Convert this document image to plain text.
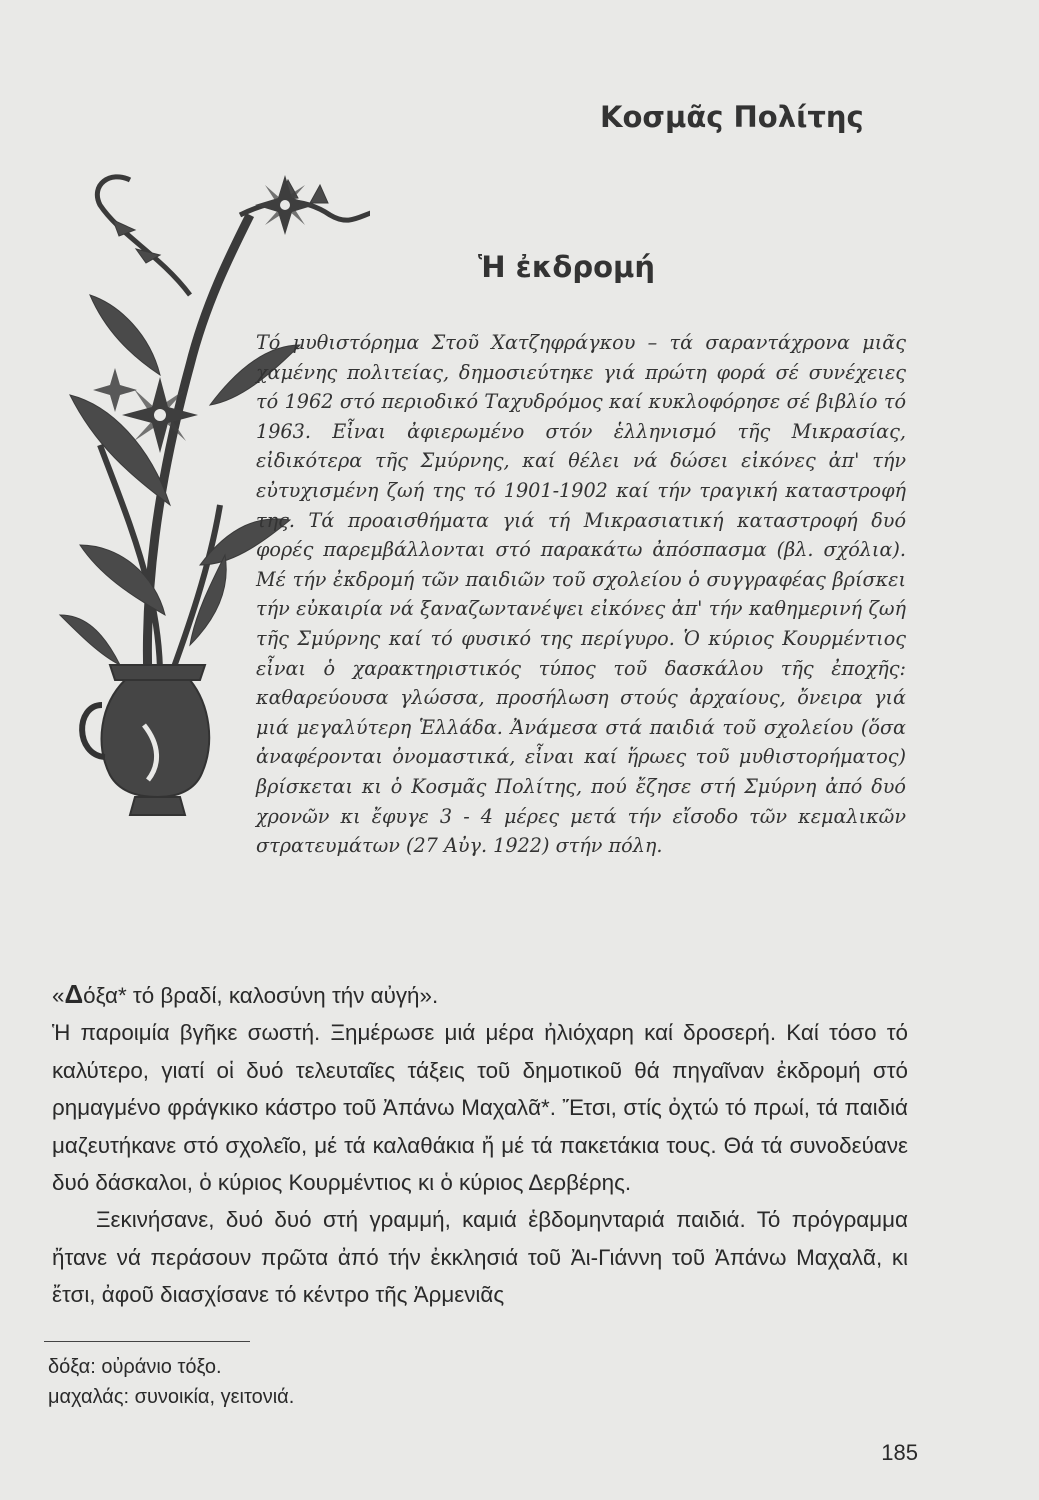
Κοσμᾶς Πολίτης
Ἡ ἐκδρομή

Τό μυθιστόρημα Στοῦ Χατζηφράγκου – τά σαραντάχρονα μιᾶς χαμένης πολιτείας, δημοσιεύτηκε γιά πρώτη φορά σέ συνέχειες τό 1962 στό περιοδικό Ταχυδρόμος καί κυκλοφόρησε σέ βιβλίο τό 1963. Εἶναι ἀφιερωμένο στόν ἑλληνισμό τῆς Μικρασίας, εἰδικότερα τῆς Σμύρνης, καί θέλει νά δώσει εἰκόνες ἀπ' τήν εὐτυχισμένη ζωή της τό 1901-1902 καί τήν τραγική καταστροφή της. Τά προαισθήματα γιά τή Μικρασιατική καταστροφή δυό φορές παρεμβάλλονται στό παρακάτω ἀπόσπασμα (βλ. σχόλια). Μέ τήν ἐκδρομή τῶν παιδιῶν τοῦ σχολείου ὁ συγγραφέας βρίσκει τήν εὐκαιρία νά ξαναζωντανέψει εἰκόνες ἀπ' τήν καθημερινή ζωή τῆς Σμύρνης καί τό φυσικό της περίγυρο. Ὁ κύριος Κουρμέντιος εἶναι ὁ χαρακτηριστικός τύπος τοῦ δασκάλου τῆς ἐποχῆς: καθαρεύουσα γλώσσα, προσήλωση στούς ἀρχαίους, ὄνειρα γιά μιά μεγαλύτερη Ἑλλάδα. Ἀνάμεσα στά παιδιά τοῦ σχολείου (ὅσα ἀναφέρονται ὀνομαστικά, εἶναι καί ἥρωες τοῦ μυθιστορήματος) βρίσκεται κι ὁ Κοσμᾶς Πολίτης, πού ἔζησε στή Σμύρνη ἀπό δυό χρονῶν κι ἔφυγε 3 - 4 μέρες μετά τήν εἴσοδο τῶν κεμαλικῶν στρατευμάτων (27 Αὐγ. 1922) στήν πόλη.

«Δόξα* τό βραδί, καλοσύνη τήν αὐγή».

Ἡ παροιμία βγῆκε σωστή. Ξημέρωσε μιά μέρα ἠλιόχαρη καί δροσερή. Καί τόσο τό καλύτερο, γιατί οἱ δυό τελευταῖες τάξεις τοῦ δημοτικοῦ θά πηγαῖναν ἐκδρομή στό ρημαγμένο φράγκικο κάστρο τοῦ Ἀπάνω Μαχαλᾶ*. Ἔτσι, στίς ὀχτώ τό πρωί, τά παιδιά μαζευτήκανε στό σχολεῖο, μέ τά καλαθάκια ἤ μέ τά πακετάκια τους. Θά τά συνοδεύανε δυό δάσκαλοι, ὁ κύριος Κουρμέντιος κι ὁ κύριος Δερβέρης.

Ξεκινήσανε, δυό δυό στή γραμμή, καμιά ἑβδομηνταριά παιδιά. Τό πρόγραμμα ἤτανε νά περάσουν πρῶτα ἀπό τήν ἐκκλησιά τοῦ Ἀι-Γιάννη τοῦ Ἀπάνω Μαχαλᾶ, κι ἔτσι, ἀφοῦ διασχίσανε τό κέντρο τῆς Ἀρμενιᾶς

δόξα: οὐράνιο τόξο.
μαχαλάς: συνοικία, γειτονιά.
185
